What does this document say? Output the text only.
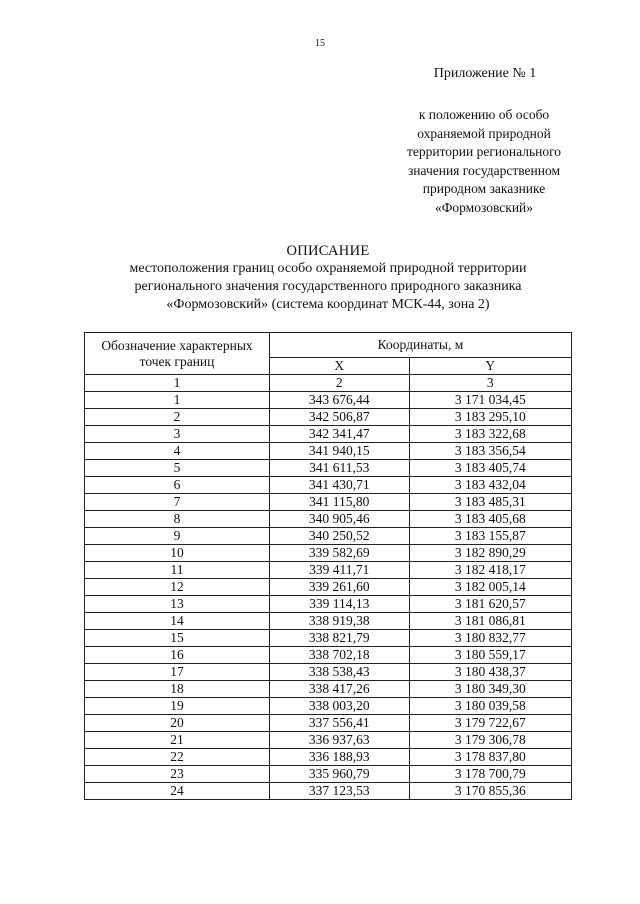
15
Приложение № 1
к положению об особо
охраняемой природной
территории регионального
значения государственном
природном заказнике
«Формозовский»
ОПИСАНИЕ
местоположения границ особо охраняемой природной территории
регионального значения государственного природного заказника
«Формозовский» (система координат МСК-44, зона 2)
Обозначение характерных точек границ	Координаты, м	
	X	Y
1	2	3
1	343 676,44	3 171 034,45
2	342 506,87	3 183 295,10
3	342 341,47	3 183 322,68
4	341 940,15	3 183 356,54
5	341 611,53	3 183 405,74
6	341 430,71	3 183 432,04
7	341 115,80	3 183 485,31
8	340 905,46	3 183 405,68
9	340 250,52	3 183 155,87
10	339 582,69	3 182 890,29
11	339 411,71	3 182 418,17
12	339 261,60	3 182 005,14
13	339 114,13	3 181 620,57
14	338 919,38	3 181 086,81
15	338 821,79	3 180 832,77
16	338 702,18	3 180 559,17
17	338 538,43	3 180 438,37
18	338 417,26	3 180 349,30
19	338 003,20	3 180 039,58
20	337 556,41	3 179 722,67
21	336 937,63	3 179 306,78
22	336 188,93	3 178 837,80
23	335 960,79	3 178 700,79
24	337 123,53	3 170 855,36
